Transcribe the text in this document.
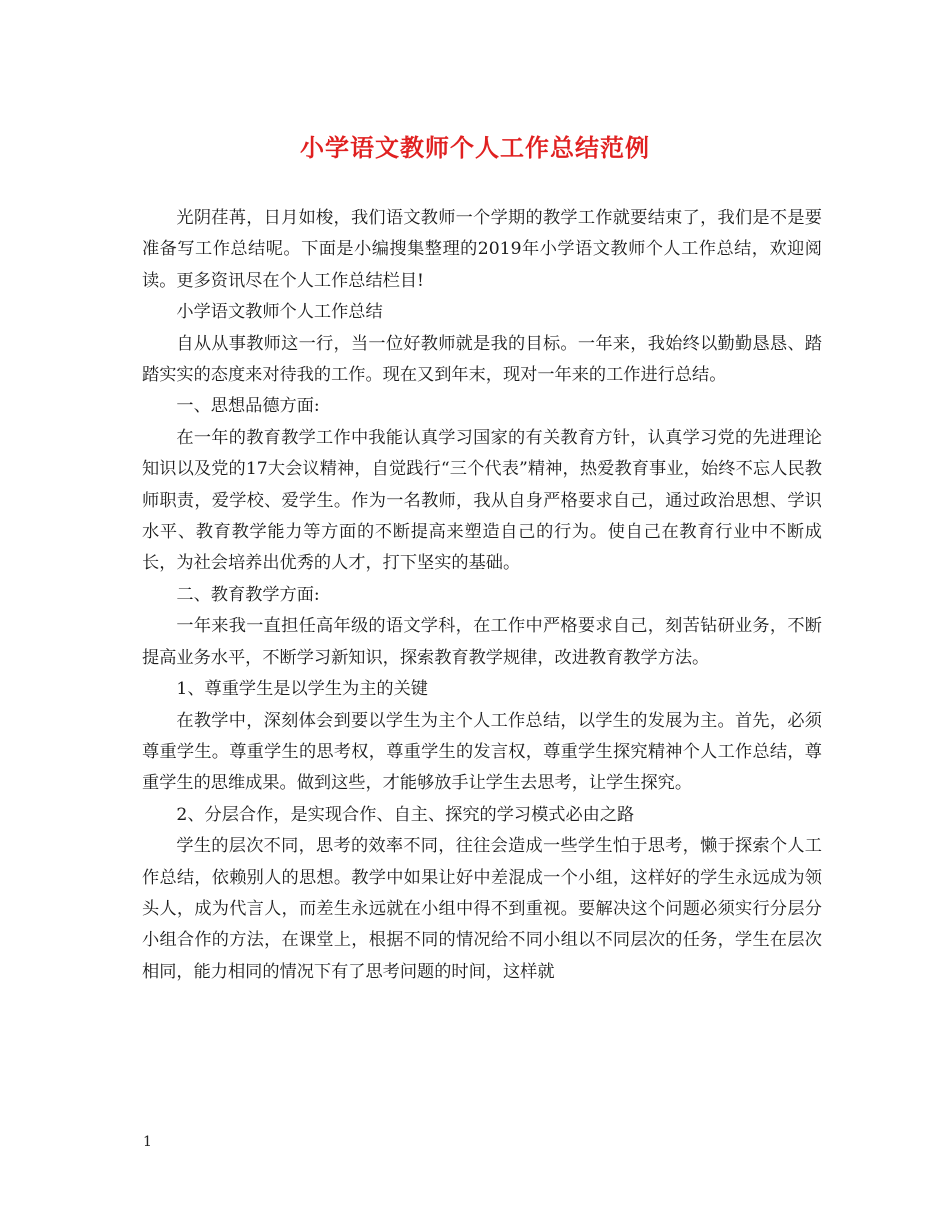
小学语文教师个人工作总结范例

光阴荏苒，日月如梭，我们语文教师一个学期的教学工作就要结束了，我们是不是要准备写工作总结呢。下面是小编搜集整理的2019年小学语文教师个人工作总结，欢迎阅读。更多资讯尽在个人工作总结栏目!

小学语文教师个人工作总结

自从从事教师这一行，当一位好教师就是我的目标。一年来，我始终以勤勤恳恳、踏踏实实的态度来对待我的工作。现在又到年末，现对一年来的工作进行总结。

一、思想品德方面:

在一年的教育教学工作中我能认真学习国家的有关教育方针，认真学习党的先进理论知识以及党的17大会议精神，自觉践行“三个代表”精神，热爱教育事业，始终不忘人民教师职责，爱学校、爱学生。作为一名教师，我从自身严格要求自己，通过政治思想、学识水平、教育教学能力等方面的不断提高来塑造自己的行为。使自己在教育行业中不断成长，为社会培养出优秀的人才，打下坚实的基础。

二、教育教学方面:

一年来我一直担任高年级的语文学科，在工作中严格要求自己，刻苦钻研业务，不断提高业务水平，不断学习新知识，探索教育教学规律，改进教育教学方法。

1、尊重学生是以学生为主的关键

在教学中，深刻体会到要以学生为主个人工作总结，以学生的发展为主。首先，必须尊重学生。尊重学生的思考权，尊重学生的发言权，尊重学生探究精神个人工作总结，尊重学生的思维成果。做到这些，才能够放手让学生去思考，让学生探究。

2、分层合作，是实现合作、自主、探究的学习模式必由之路

学生的层次不同，思考的效率不同，往往会造成一些学生怕于思考，懒于探索个人工作总结，依赖别人的思想。教学中如果让好中差混成一个小组，这样好的学生永远成为领头人，成为代言人，而差生永远就在小组中得不到重视。要解决这个问题必须实行分层分小组合作的方法，在课堂上，根据不同的情况给不同小组以不同层次的任务，学生在层次相同，能力相同的情况下有了思考问题的时间，这样就

1
